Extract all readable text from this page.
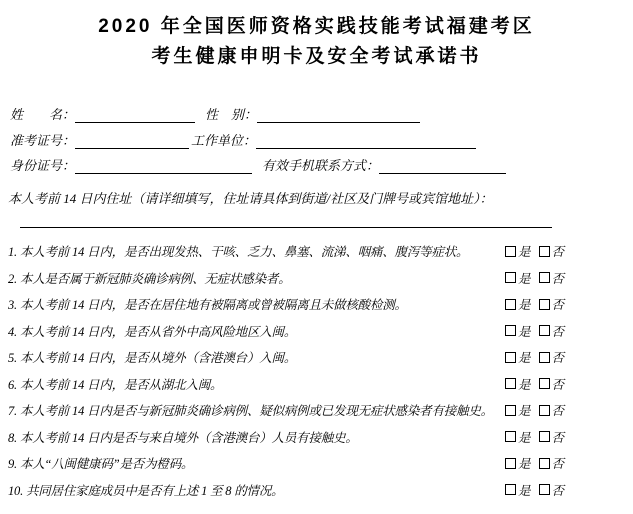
2020 年全国医师资格实践技能考试福建考区
考生健康申明卡及安全考试承诺书
姓　　名：	性　别：
准考证号：	工作单位：
身份证号：	有效手机联系方式：
本人考前 14 日内住址（请详细填写，住址请具体到街道/社区及门牌号或宾馆地址）：
1. 本人考前 14 日内，是否出现发热、干咳、乏力、鼻塞、流涕、咽痛、腹泻等症状。	是 否
2. 本人是否属于新冠肺炎确诊病例、无症状感染者。	是 否
3. 本人考前 14 日内，是否在居住地有被隔离或曾被隔离且未做核酸检测。	是 否
4. 本人考前 14 日内，是否从省外中高风险地区入闽。	是 否
5. 本人考前 14 日内，是否从境外（含港澳台）入闽。	是 否
6. 本人考前 14 日内，是否从湖北入闽。	是 否
7. 本人考前 14 日内是否与新冠肺炎确诊病例、疑似病例或已发现无症状感染者有接触史。 是 否
8. 本人考前 14 日内是否与来自境外（含港澳台）人员有接触史。	是 否
9. 本人“八闽健康码”是否为橙码。	是 否
10. 共同居住家庭成员中是否有上述 1 至 8 的情况。	是 否
